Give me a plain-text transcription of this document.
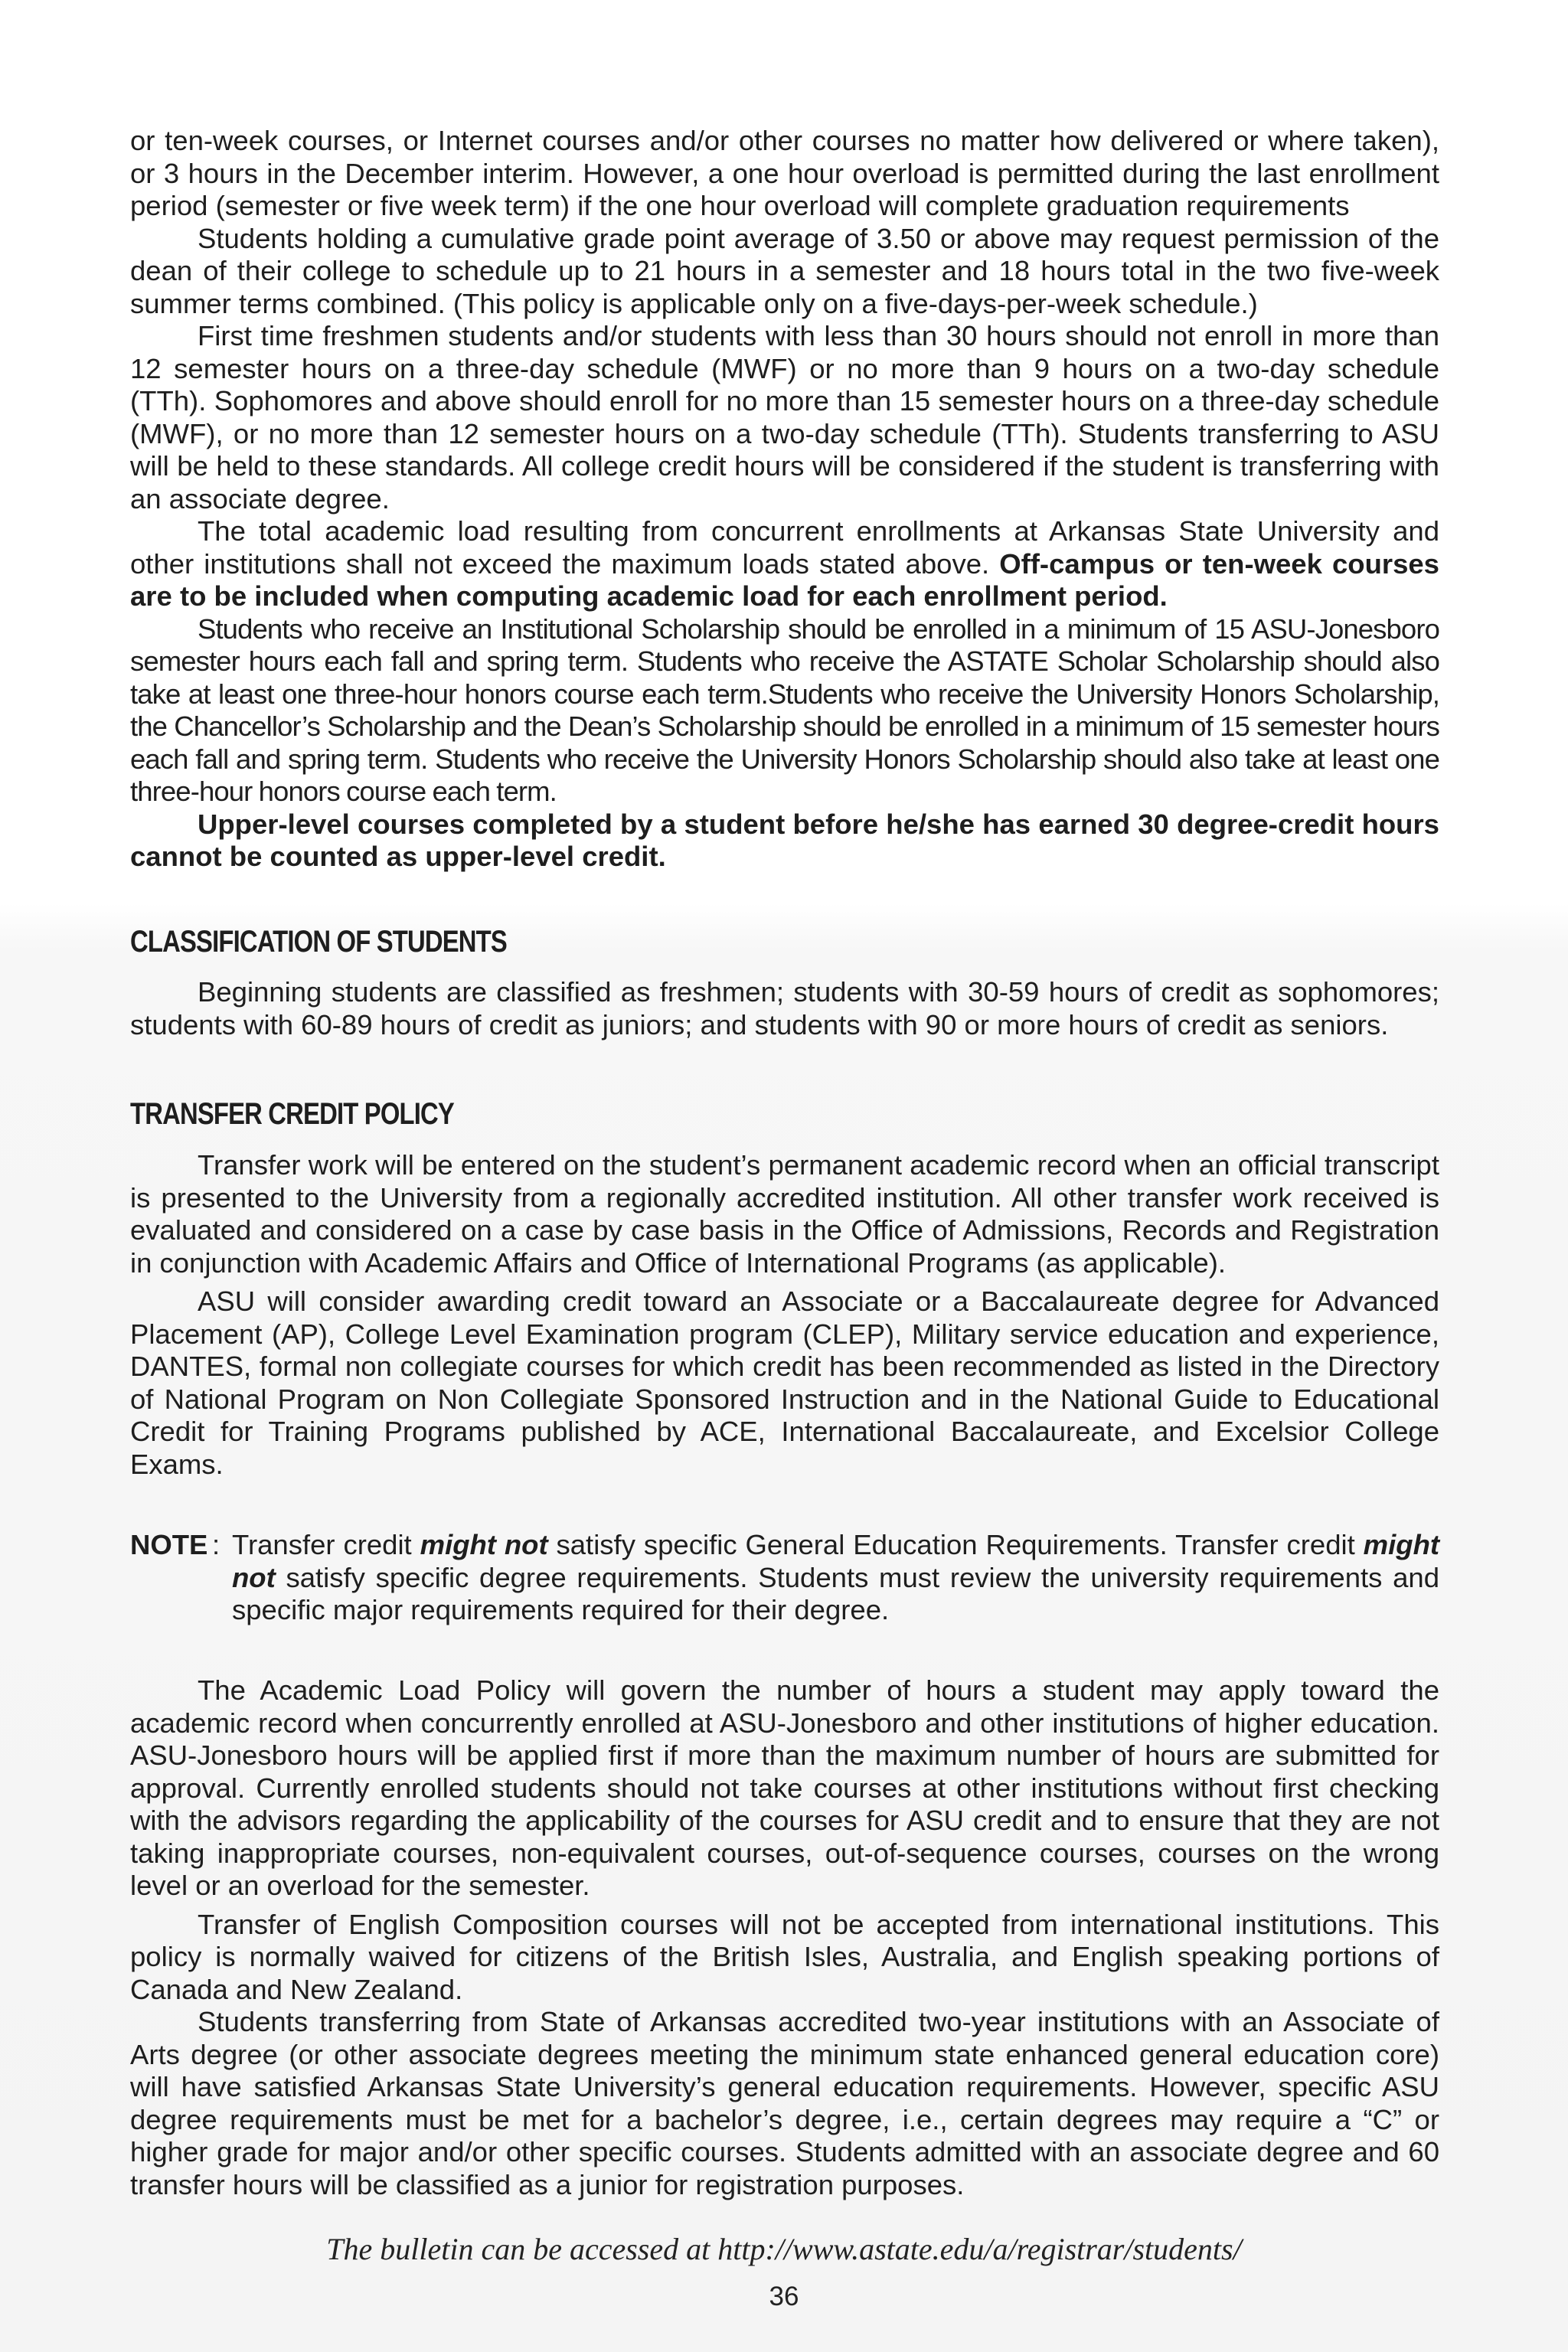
or ten-week courses, or Internet courses and/or other courses no matter how delivered or where taken), or 3 hours in the December interim. However, a one hour overload is permitted during the last enrollment period (semester or five week term) if the one hour overload will complete graduation requirements

Students holding a cumulative grade point average of 3.50 or above may request permission of the dean of their college to schedule up to 21 hours in a semester and 18 hours total in the two five-week summer terms combined. (This policy is applicable only on a five-days-per-week schedule.)

First time freshmen students and/or students with less than 30 hours should not enroll in more than 12 semester hours on a three-day schedule (MWF) or no more than 9 hours on a two-day schedule (TTh). Sophomores and above should enroll for no more than 15 semester hours on a three-day schedule (MWF), or no more than 12 semester hours on a two-day schedule (TTh). Students transferring to ASU will be held to these standards. All college credit hours will be considered if the student is transferring with an associate degree.

The total academic load resulting from concurrent enrollments at Arkansas State University and other institutions shall not exceed the maximum loads stated above. Off-campus or ten-week courses are to be included when computing academic load for each enrollment period.

Students who receive an Institutional Scholarship should be enrolled in a minimum of 15 ASU-Jonesboro semester hours each fall and spring term. Students who receive the ASTATE Scholar Scholarship should also take at least one three-hour honors course each term.Students who receive the University Honors Scholarship, the Chancellor’s Scholarship and the Dean’s Scholarship should be enrolled in a minimum of 15 semester hours each fall and spring term. Students who receive the University Honors Scholarship should also take at least one three-hour honors course each term.

Upper-level courses completed by a student before he/she has earned 30 degree-credit hours cannot be counted as upper-level credit.

CLASSIFICATION OF STUDENTS

Beginning students are classified as freshmen; students with 30-59 hours of credit as sophomores; students with 60-89 hours of credit as juniors; and students with 90 or more hours of credit as seniors.

TRANSFER CREDIT POLICY

Transfer work will be entered on the student’s permanent academic record when an official transcript is presented to the University from a regionally accredited institution. All other transfer work received is evaluated and considered on a case by case basis in the Office of Admissions, Records and Registration in conjunction with Academic Affairs and Office of International Programs (as applicable).

ASU will consider awarding credit toward an Associate or a Baccalaureate degree for Advanced Placement (AP), College Level Examination program (CLEP), Military service education and experience, DANTES, formal non collegiate courses for which credit has been recommended as listed in the Directory of National Program on Non Collegiate Sponsored Instruction and in the National Guide to Educational Credit for Training Programs published by ACE, International Baccalaureate, and Excelsior College Exams.

NOTE : Transfer credit might not satisfy specific General Education Requirements. Transfer credit might not satisfy specific degree requirements. Students must review the university requirements and specific major requirements required for their degree.

The Academic Load Policy will govern the number of hours a student may apply toward the academic record when concurrently enrolled at ASU-Jonesboro and other institutions of higher education. ASU-Jonesboro hours will be applied first if more than the maximum number of hours are submitted for approval. Currently enrolled students should not take courses at other institutions without first checking with the advisors regarding the applicability of the courses for ASU credit and to ensure that they are not taking inappropriate courses, non-equivalent courses, out-of-sequence courses, courses on the wrong level or an overload for the semester.

Transfer of English Composition courses will not be accepted from international institutions. This policy is normally waived for citizens of the British Isles, Australia, and English speaking portions of Canada and New Zealand.

Students transferring from State of Arkansas accredited two-year institutions with an Associate of Arts degree (or other associate degrees meeting the minimum state enhanced general education core) will have satisfied Arkansas State University’s general education requirements. However, specific ASU degree requirements must be met for a bachelor’s degree, i.e., certain degrees may require a “C” or higher grade for major and/or other specific courses. Students admitted with an associate degree and 60 transfer hours will be classified as a junior for registration purposes.

The bulletin can be accessed at http://www.astate.edu/a/registrar/students/
36
